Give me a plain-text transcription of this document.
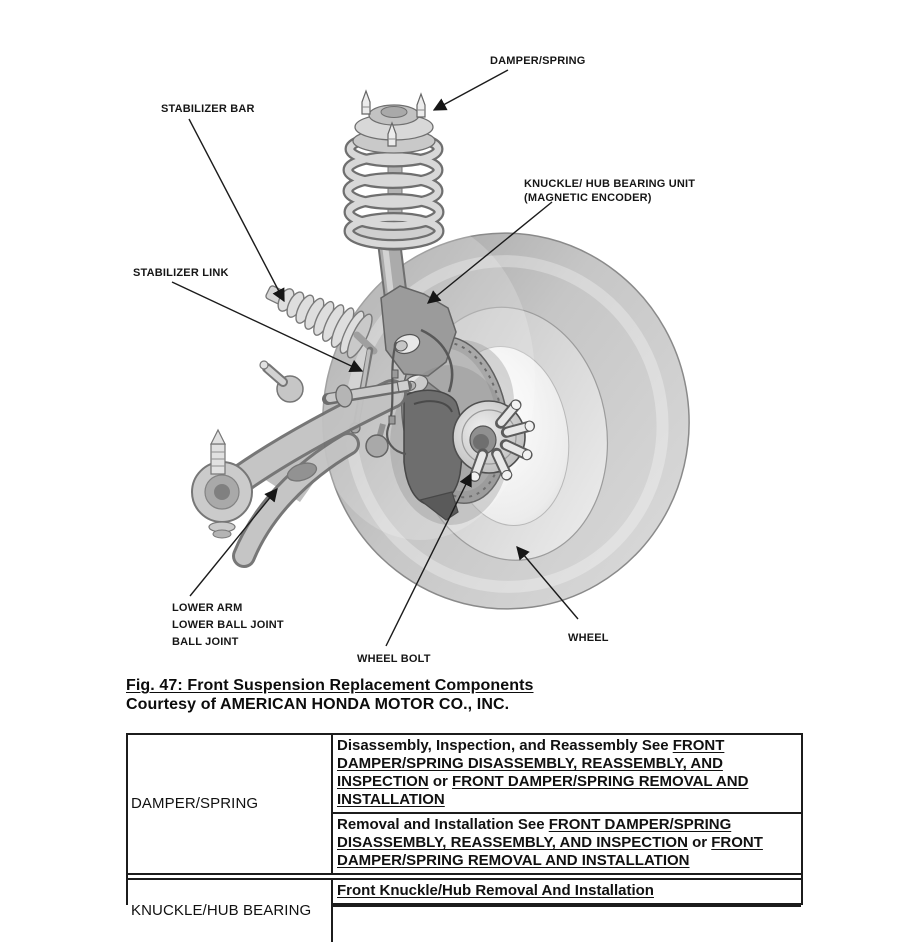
DAMPER/SPRING
STABILIZER BAR
KNUCKLE/ HUB BEARING UNIT
(MAGNETIC ENCODER)
STABILIZER LINK
LOWER ARM
LOWER BALL JOINT
BALL JOINT
WHEEL BOLT
WHEEL
Fig. 47: Front Suspension Replacement Components
Courtesy of AMERICAN HONDA MOTOR CO., INC.
DAMPER/SPRING
Disassembly, Inspection, and Reassembly See FRONT DAMPER/SPRING DISASSEMBLY, REASSEMBLY, AND INSPECTION or FRONT DAMPER/SPRING REMOVAL AND INSTALLATION
Removal and Installation See FRONT DAMPER/SPRING DISASSEMBLY, REASSEMBLY, AND INSPECTION or FRONT DAMPER/SPRING REMOVAL AND INSTALLATION
KNUCKLE/HUB BEARING
Front Knuckle/Hub Removal And Installation
